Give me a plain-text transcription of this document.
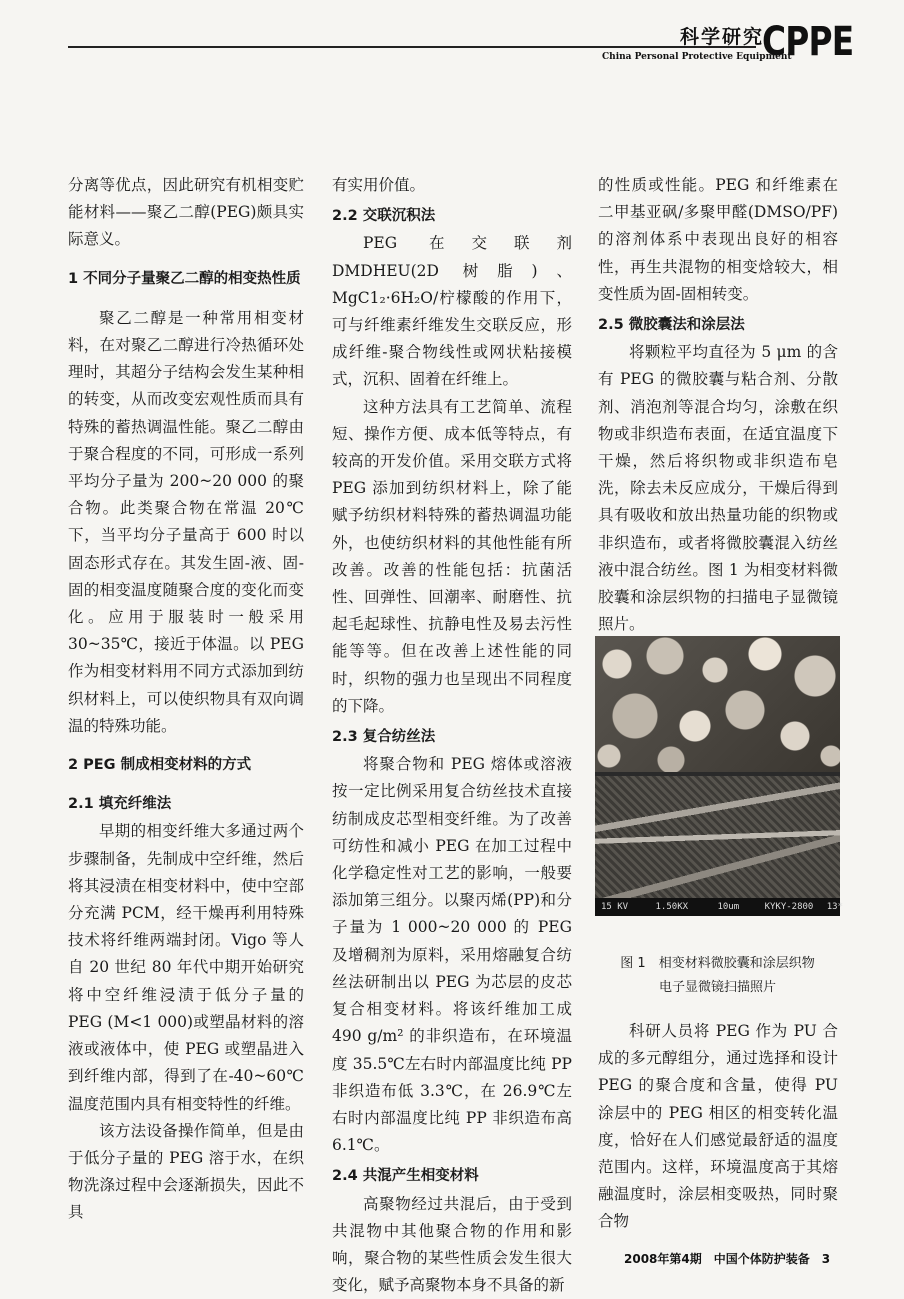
科学研究
China Personal Protective Equipment
CPPE

分离等优点，因此研究有机相变贮能材料——聚乙二醇(PEG)颇具实际意义。

1 不同分子量聚乙二醇的相变热性质

聚乙二醇是一种常用相变材料，在对聚乙二醇进行冷热循环处理时，其超分子结构会发生某种相的转变，从而改变宏观性质而具有特殊的蓄热调温性能。聚乙二醇由于聚合程度的不同，可形成一系列平均分子量为 200~20 000 的聚合物。此类聚合物在常温 20℃下，当平均分子量高于 600 时以固态形式存在。其发生固-液、固-固的相变温度随聚合度的变化而变化。应用于服装时一般采用 30~35℃，接近于体温。以 PEG 作为相变材料用不同方式添加到纺织材料上，可以使织物具有双向调温的特殊功能。

2 PEG 制成相变材料的方式
2.1 填充纤维法

早期的相变纤维大多通过两个步骤制备，先制成中空纤维，然后将其浸渍在相变材料中，使中空部分充满 PCM，经干燥再利用特殊技术将纤维两端封闭。Vigo 等人自 20 世纪 80 年代中期开始研究将中空纤维浸渍于低分子量的 PEG (M<1 000)或塑晶材料的溶液或液体中，使 PEG 或塑晶进入到纤维内部，得到了在-40~60℃温度范围内具有相变特性的纤维。

该方法设备操作简单，但是由于低分子量的 PEG 溶于水，在织物洗涤过程中会逐渐损失，因此不具

有实用价值。

2.2 交联沉积法

PEG 在交联剂 DMDHEU(2D 树脂)、MgC1₂·6H₂O/柠檬酸的作用下，可与纤维素纤维发生交联反应，形成纤维-聚合物线性或网状粘接模式，沉积、固着在纤维上。

这种方法具有工艺简单、流程短、操作方便、成本低等特点，有较高的开发价值。采用交联方式将 PEG 添加到纺织材料上，除了能赋予纺织材料特殊的蓄热调温功能外，也使纺织材料的其他性能有所改善。改善的性能包括：抗菌活性、回弹性、回潮率、耐磨性、抗起毛起球性、抗静电性及易去污性能等等。但在改善上述性能的同时，织物的强力也呈现出不同程度的下降。

2.3 复合纺丝法

将聚合物和 PEG 熔体或溶液按一定比例采用复合纺丝技术直接纺制成皮芯型相变纤维。为了改善可纺性和减小 PEG 在加工过程中化学稳定性对工艺的影响，一般要添加第三组分。以聚丙烯(PP)和分子量为 1 000~20 000 的 PEG 及增稠剂为原料，采用熔融复合纺丝法研制出以 PEG 为芯层的皮芯复合相变材料。将该纤维加工成 490 g/m² 的非织造布，在环境温度 35.5℃左右时内部温度比纯 PP 非织造布低 3.3℃，在 26.9℃左右时内部温度比纯 PP 非织造布高 6.1℃。

2.4 共混产生相变材料

高聚物经过共混后，由于受到共混物中其他聚合物的作用和影响，聚合物的某些性质会发生很大变化，赋予高聚物本身不具备的新

的性质或性能。PEG 和纤维素在二甲基亚砜/多聚甲醛(DMSO/PF)的溶剂体系中表现出良好的相容性，再生共混物的相变焓较大，相变性质为固-固相转变。

2.5 微胶囊法和涂层法

将颗粒平均直径为 5 μm 的含有 PEG 的微胶囊与粘合剂、分散剂、消泡剂等混合均匀，涂敷在织物或非织造布表面，在适宜温度下干燥，然后将织物或非织造布皂洗，除去未反应成分，干燥后得到具有吸收和放出热量功能的织物或非织造布，或者将微胶囊混入纺丝液中混合纺丝。图 1 为相变材料微胶囊和涂层织物的扫描电子显微镜照片。

15 KV	1.50KX	10um	KYKY-2800 13*
图 1　相变材料微胶囊和涂层织物
电子显微镜扫描照片

科研人员将 PEG 作为 PU 合成的多元醇组分，通过选择和设计 PEG 的聚合度和含量，使得 PU 涂层中的 PEG 相区的相变转化温度，恰好在人们感觉最舒适的温度范围内。这样，环境温度高于其熔融温度时，涂层相变吸热，同时聚合物

2008年第4期　中国个体防护装备　3
